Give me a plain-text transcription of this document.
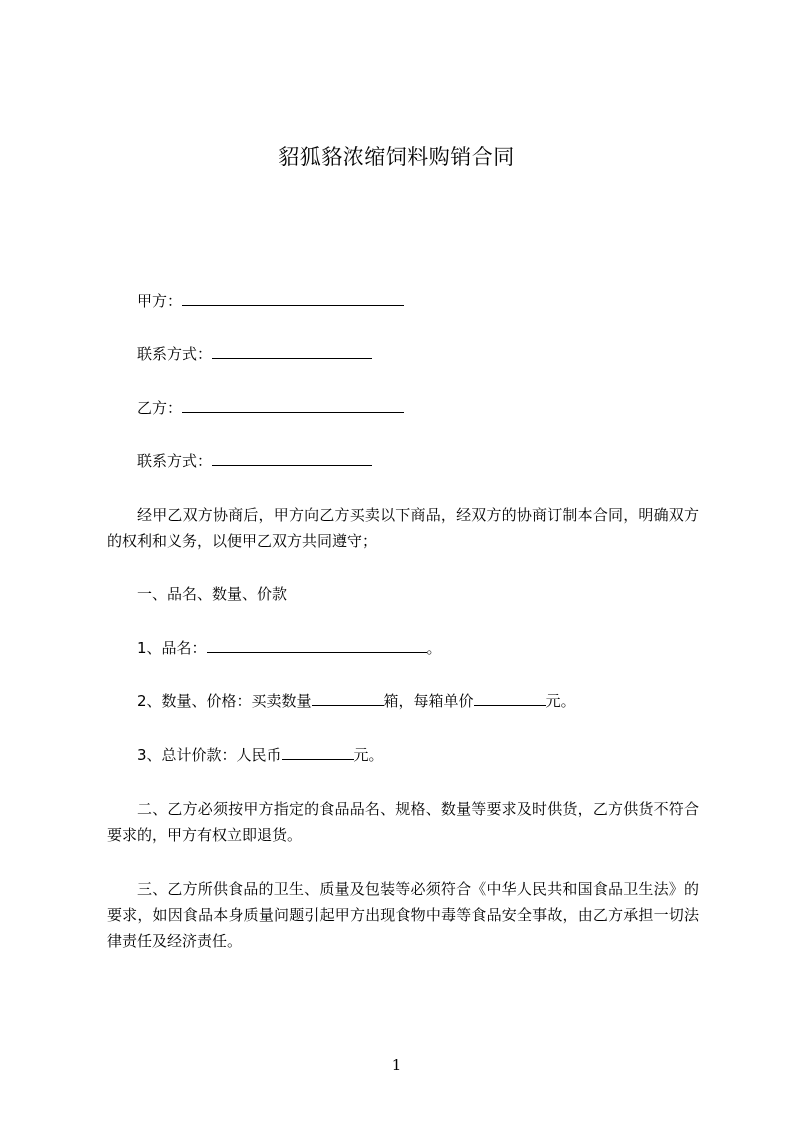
貂狐貉浓缩饲料购销合同
甲方：
联系方式：
乙方：
联系方式：
经甲乙双方协商后，甲方向乙方买卖以下商品，经双方的协商订制本合同，明确双方的权利和义务，以便甲乙双方共同遵守；
一、品名、数量、价款
1、品名：	。
2、数量、价格：买卖数量	箱，每箱单价	元。
3、总计价款：人民币	元。
二、乙方必须按甲方指定的食品品名、规格、数量等要求及时供货，乙方供货不符合要求的，甲方有权立即退货。
三、乙方所供食品的卫生、质量及包装等必须符合《中华人民共和国食品卫生法》的要求，如因食品本身质量问题引起甲方出现食物中毒等食品安全事故，由乙方承担一切法律责任及经济责任。
1
